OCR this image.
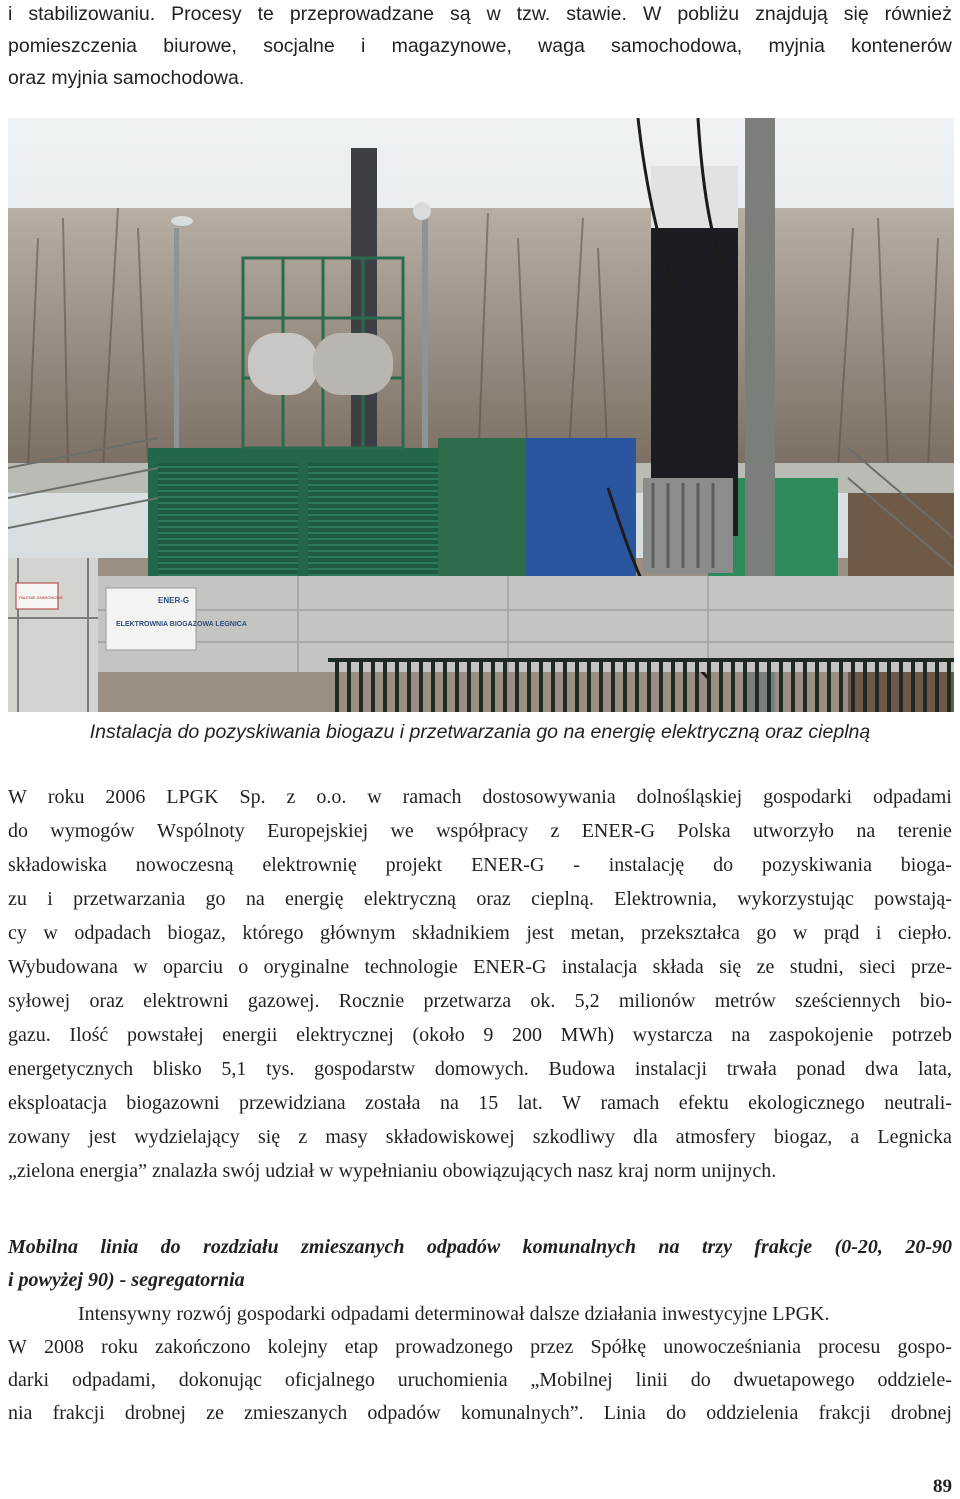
i stabilizowaniu. Procesy te przeprowadzane są w tzw. stawie. W pobliżu znajdują się również
pomieszczenia biurowe, socjalne i magazynowe, waga samochodowa, myjnia kontenerów
oraz myjnia samochodowa.
ELEKTROWNIA BIOGAZOWA LEGNICA
ENER-G
PALENIE ZABRONIONE
Instalacja do pozyskiwania biogazu i przetwarzania go na energię elektryczną oraz cieplną
W roku 2006 LPGK Sp. z o.o. w ramach dostosowywania dolnośląskiej gospodarki odpadami
do wymogów Wspólnoty Europejskiej we współpracy z ENER-G Polska utworzyło na terenie
składowiska nowoczesną elektrownię projekt ENER-G - instalację do pozyskiwania bioga-
zu i przetwarzania go na energię elektryczną oraz cieplną. Elektrownia, wykorzystując powstają-
cy w odpadach biogaz, którego głównym składnikiem jest metan, przekształca go w prąd i ciepło.
Wybudowana w oparciu o oryginalne technologie ENER-G instalacja składa się ze studni, sieci prze-
syłowej oraz elektrowni gazowej. Rocznie przetwarza ok. 5,2 milionów metrów sześciennych bio-
gazu. Ilość powstałej energii elektrycznej (około 9 200 MWh) wystarcza na zaspokojenie potrzeb
energetycznych blisko 5,1 tys. gospodarstw domowych. Budowa instalacji trwała ponad dwa lata,
eksploatacja biogazowni przewidziana została na 15 lat. W ramach efektu ekologicznego neutrali-
zowany jest wydzielający się z masy składowiskowej szkodliwy dla atmosfery biogaz, a Legnicka
„zielona energia” znalazła swój udział w wypełnianiu obowiązujących nasz kraj norm unijnych.
Mobilna linia do rozdziału zmieszanych odpadów komunalnych na trzy frakcje (0-20, 20-90
i powyżej 90) - segregatornia
Intensywny rozwój gospodarki odpadami determinował dalsze działania inwestycyjne LPGK.
W 2008 roku zakończono kolejny etap prowadzonego przez Spółkę unowocześniania procesu gospo-
darki odpadami, dokonując oficjalnego uruchomienia „Mobilnej linii do dwuetapowego oddziele-
nia frakcji drobnej ze zmieszanych odpadów komunalnych”. Linia do oddzielenia frakcji drobnej
89
